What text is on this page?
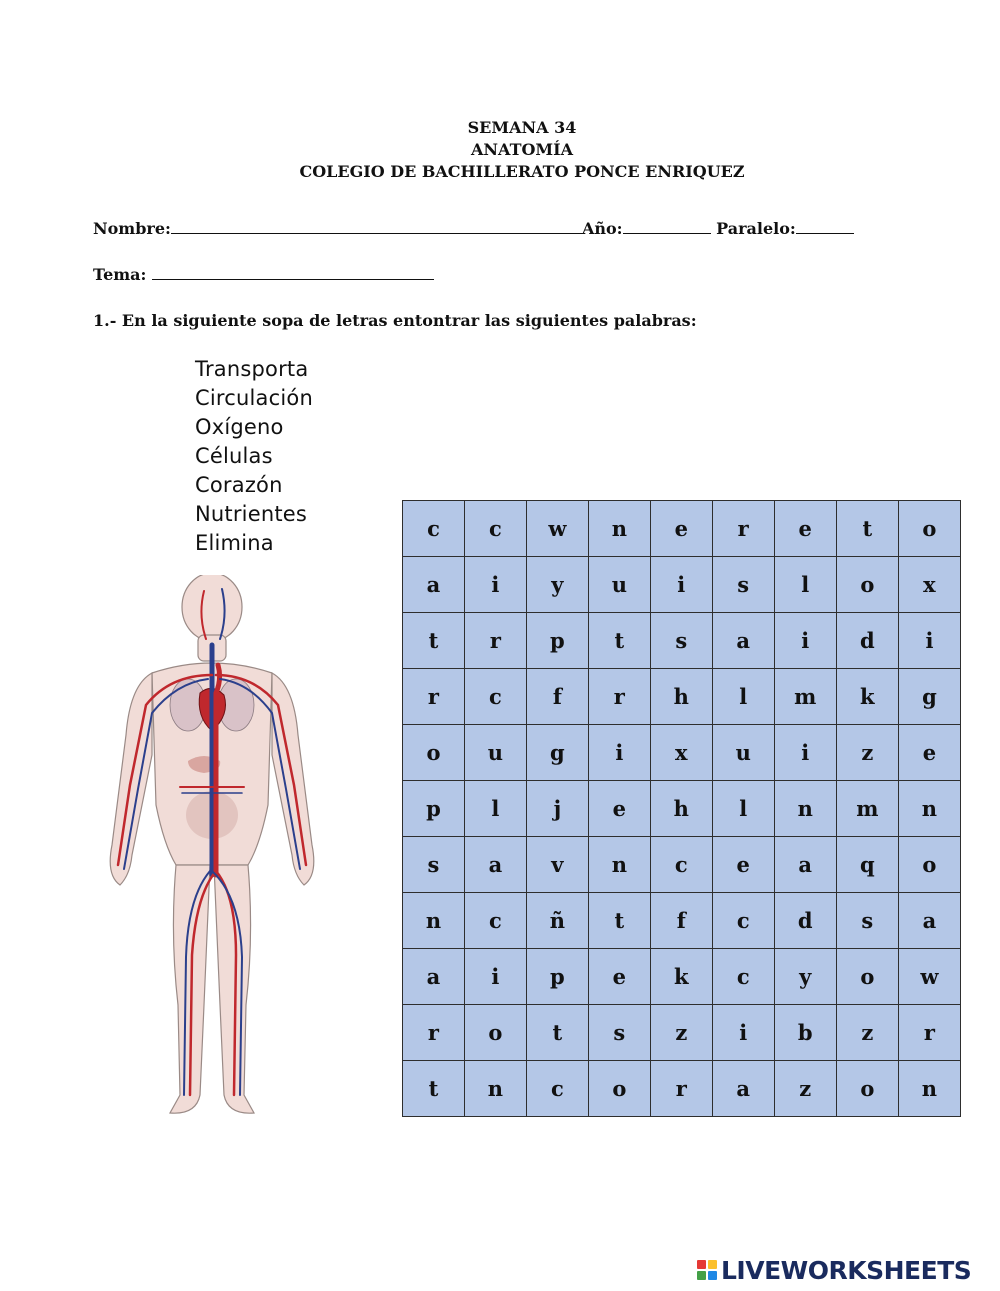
SEMANA 34
ANATOMÍA
COLEGIO DE BACHILLERATO PONCE ENRIQUEZ
Nombre:	Año:	Paralelo:
Tema:
1.- En la siguiente sopa de letras entontrar las siguientes palabras:
Transporta
Circulación
Oxígeno
Células
Corazón
Nutrientes
Elimina
c	c	w	n	e	r	e	t	o
a	i	y	u	i	s	l	o	x
t	r	p	t	s	a	i	d	i
r	c	f	r	h	l	m	k	g
o	u	g	i	x	u	i	z	e
p	l	j	e	h	l	n	m	n
s	a	v	n	c	e	a	q	o
n	c	ñ	t	f	c	d	s	a
a	i	p	e	k	c	y	o	w
r	o	t	s	z	i	b	z	r
t	n	c	o	r	a	z	o	n
LIVEWORKSHEETS
